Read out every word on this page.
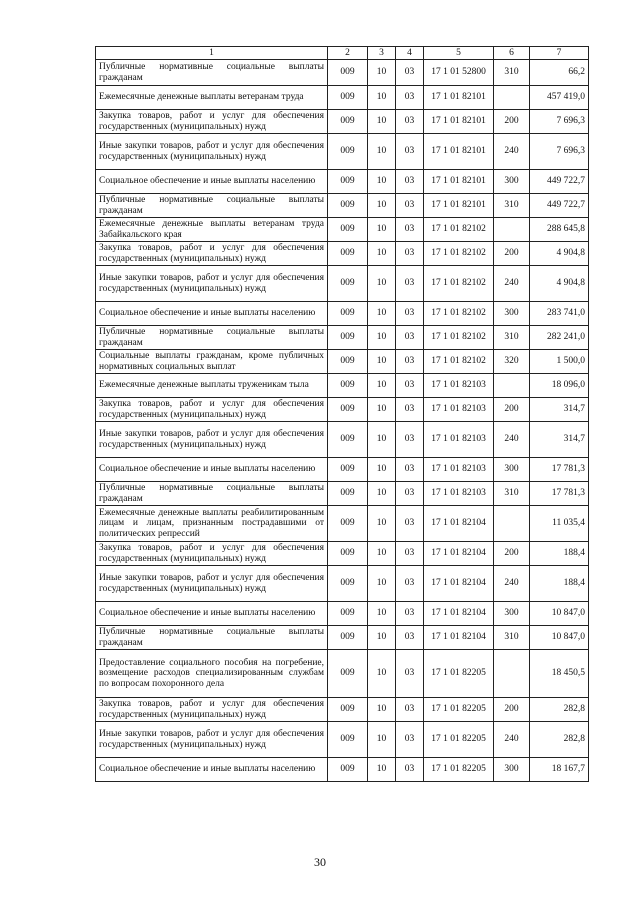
1	2	3	4	5	6	7
Публичные нормативные социальные выплаты гражданам	009	10	03	17 1 01 52800	310	66,2
Ежемесячные денежные выплаты ветеранам труда	009	10	03	17 1 01 82101		457 419,0
Закупка товаров, работ и услуг для обеспечения государственных (муниципальных) нужд	009	10	03	17 1 01 82101	200	7 696,3
Иные закупки товаров, работ и услуг для обеспечения государственных (муниципальных) нужд	009	10	03	17 1 01 82101	240	7 696,3
Социальное обеспечение и иные выплаты населению	009	10	03	17 1 01 82101	300	449 722,7
Публичные нормативные социальные выплаты гражданам	009	10	03	17 1 01 82101	310	449 722,7
Ежемесячные денежные выплаты ветеранам труда Забайкальского края	009	10	03	17 1 01 82102		288 645,8
Закупка товаров, работ и услуг для обеспечения государственных (муниципальных) нужд	009	10	03	17 1 01 82102	200	4 904,8
Иные закупки товаров, работ и услуг для обеспечения государственных (муниципальных) нужд	009	10	03	17 1 01 82102	240	4 904,8
Социальное обеспечение и иные выплаты населению	009	10	03	17 1 01 82102	300	283 741,0
Публичные нормативные социальные выплаты гражданам	009	10	03	17 1 01 82102	310	282 241,0
Социальные выплаты гражданам, кроме публичных нормативных социальных выплат	009	10	03	17 1 01 82102	320	1 500,0
Ежемесячные денежные выплаты труженикам тыла	009	10	03	17 1 01 82103		18 096,0
Закупка товаров, работ и услуг для обеспечения государственных (муниципальных) нужд	009	10	03	17 1 01 82103	200	314,7
Иные закупки товаров, работ и услуг для обеспечения государственных (муниципальных) нужд	009	10	03	17 1 01 82103	240	314,7
Социальное обеспечение и иные выплаты населению	009	10	03	17 1 01 82103	300	17 781,3
Публичные нормативные социальные выплаты гражданам	009	10	03	17 1 01 82103	310	17 781,3
Ежемесячные денежные выплаты реабилитированным лицам и лицам, признанным пострадавшими от политических репрессий	009	10	03	17 1 01 82104		11 035,4
Закупка товаров, работ и услуг для обеспечения государственных (муниципальных) нужд	009	10	03	17 1 01 82104	200	188,4
Иные закупки товаров, работ и услуг для обеспечения государственных (муниципальных) нужд	009	10	03	17 1 01 82104	240	188,4
Социальное обеспечение и иные выплаты населению	009	10	03	17 1 01 82104	300	10 847,0
Публичные нормативные социальные выплаты гражданам	009	10	03	17 1 01 82104	310	10 847,0
Предоставление социального пособия на погребение, возмещение расходов специализированным службам по вопросам похоронного дела	009	10	03	17 1 01 82205		18 450,5
Закупка товаров, работ и услуг для обеспечения государственных (муниципальных) нужд	009	10	03	17 1 01 82205	200	282,8
Иные закупки товаров, работ и услуг для обеспечения государственных (муниципальных) нужд	009	10	03	17 1 01 82205	240	282,8
Социальное обеспечение и иные выплаты населению	009	10	03	17 1 01 82205	300	18 167,7
30
